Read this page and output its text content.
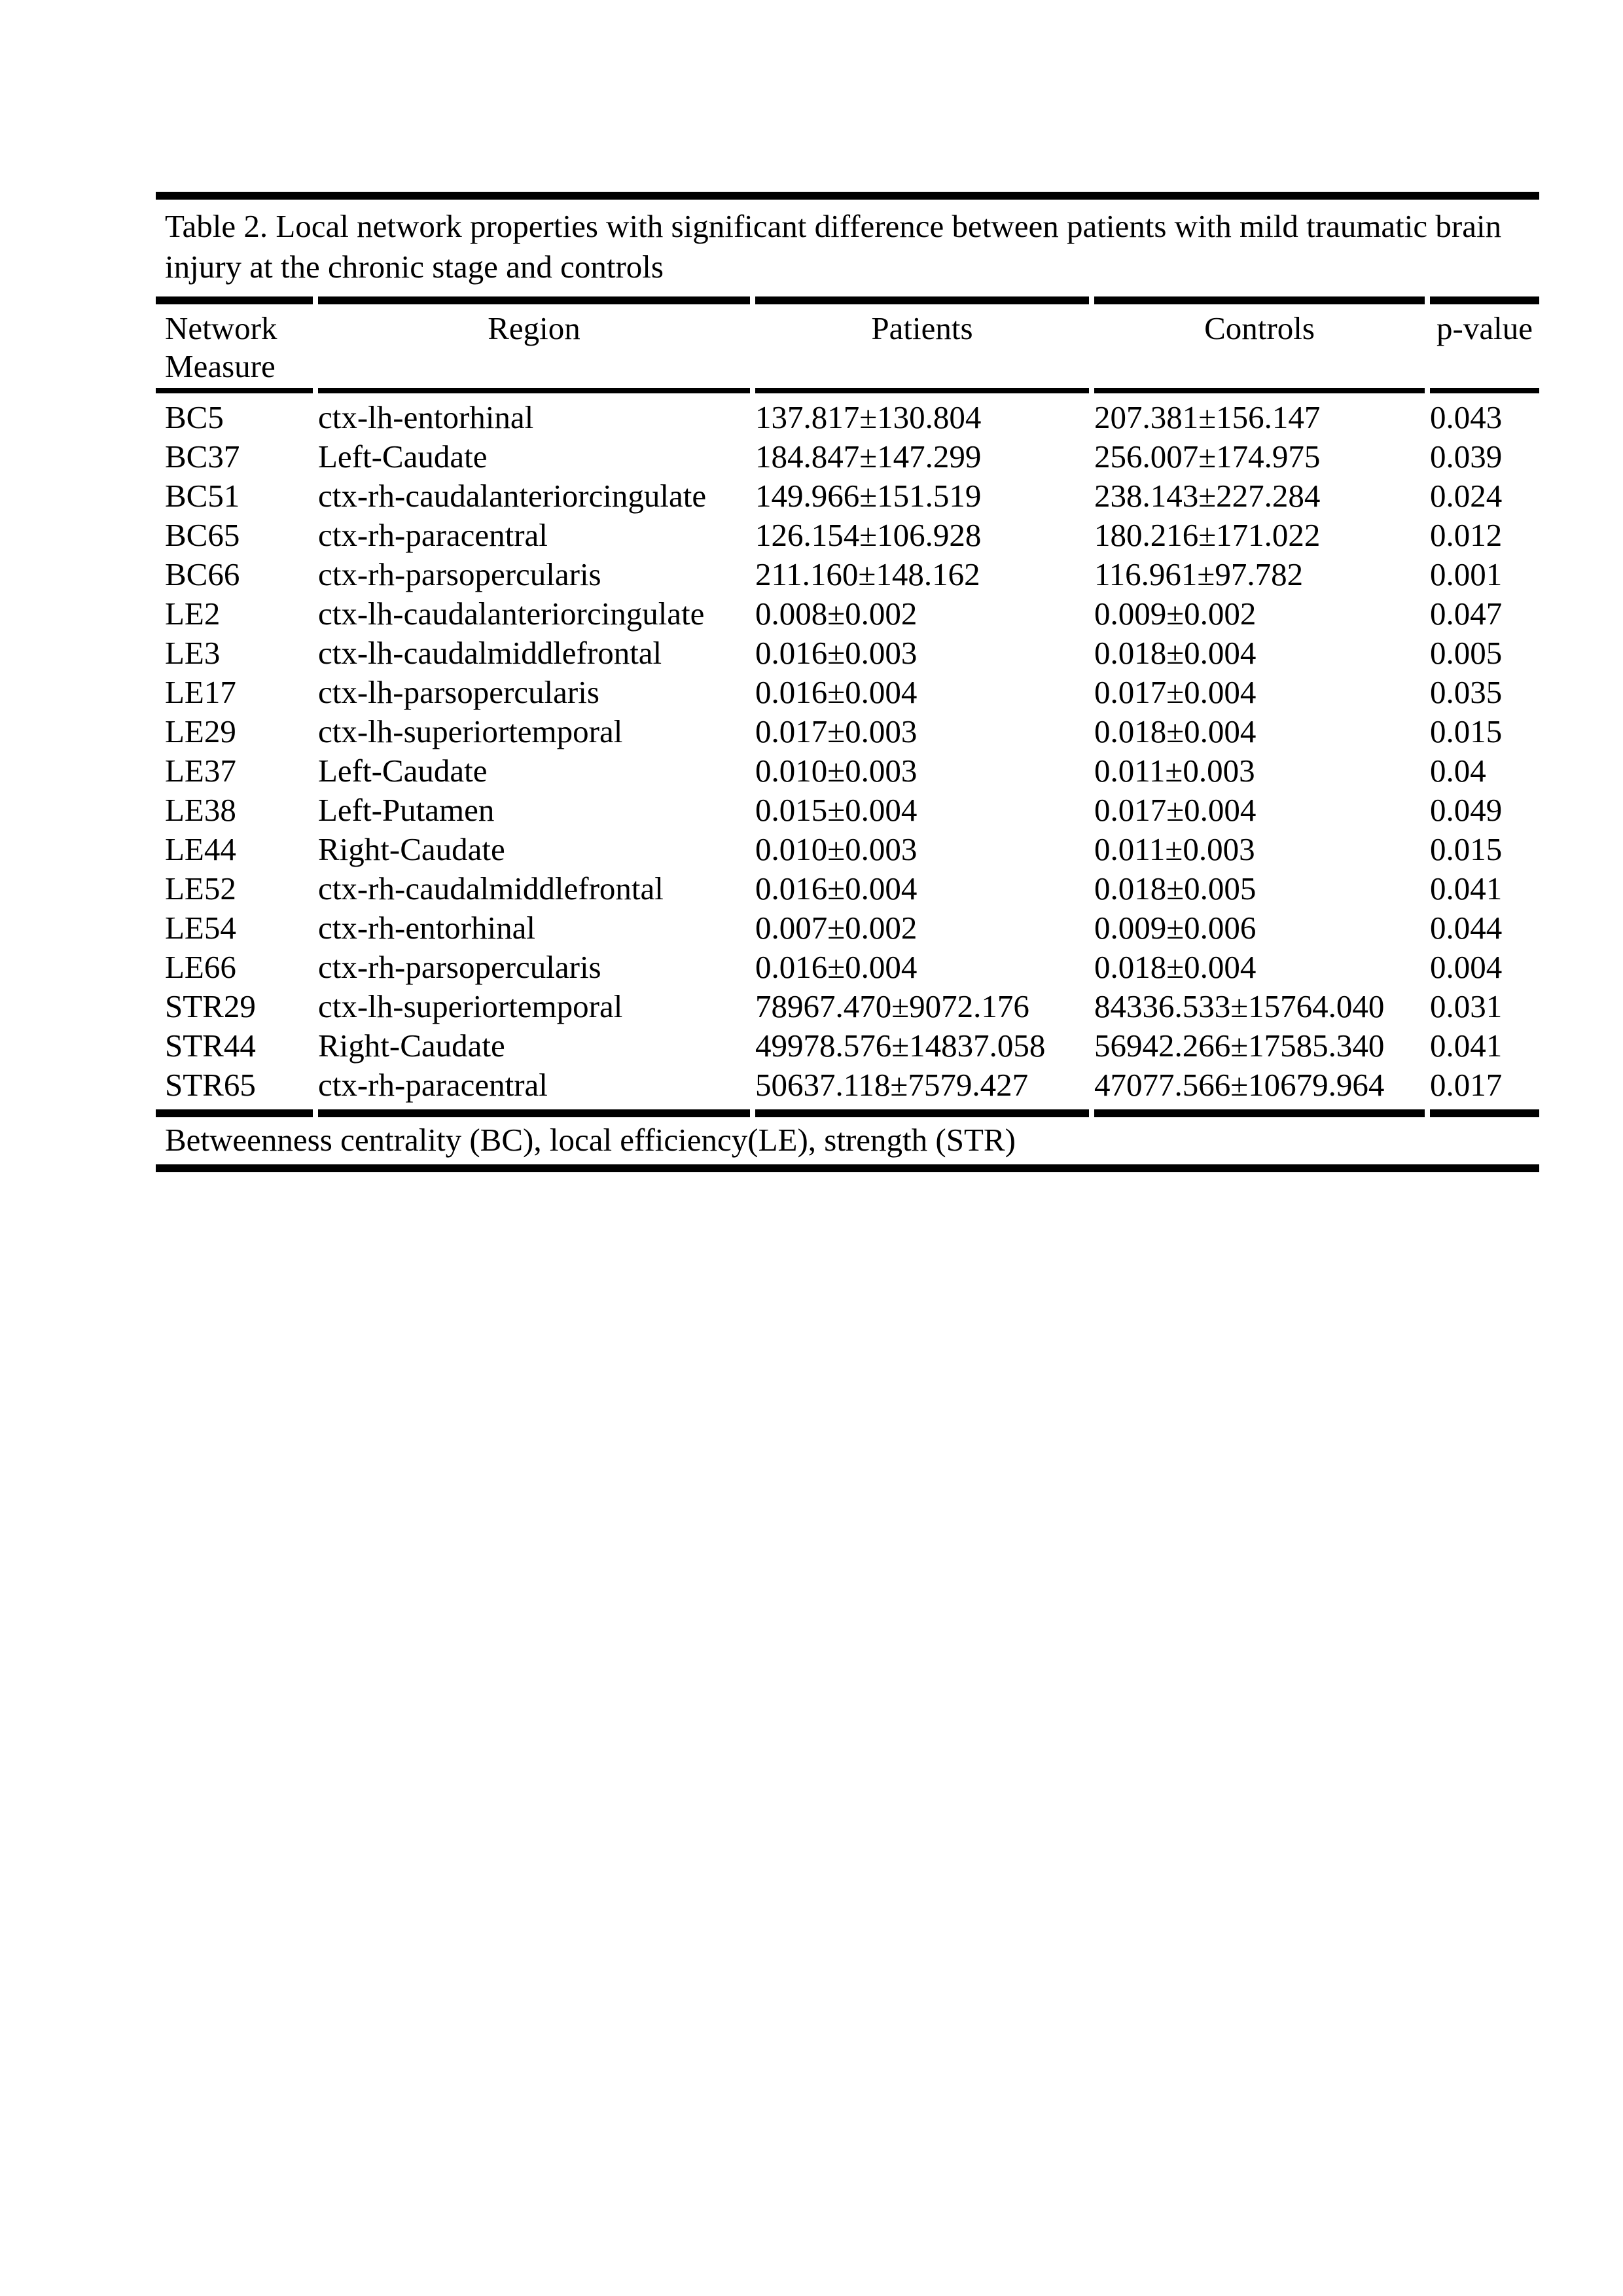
Table 2. Local network properties with significant difference between patients with mild traumatic brain
injury at the chronic stage and controls				

Network
Measure	Region	Patients	Controls	p-value
BC5	ctx-lh-entorhinal	137.817±130.804	207.381±156.147	0.043
BC37	Left-Caudate	184.847±147.299	256.007±174.975	0.039
BC51	ctx-rh-caudalanteriorcingulate	149.966±151.519	238.143±227.284	0.024
BC65	ctx-rh-paracentral	126.154±106.928	180.216±171.022	0.012
BC66	ctx-rh-parsopercularis	211.160±148.162	116.961±97.782	0.001
LE2	ctx-lh-caudalanteriorcingulate	0.008±0.002	0.009±0.002	0.047
LE3	ctx-lh-caudalmiddlefrontal	0.016±0.003	0.018±0.004	0.005
LE17	ctx-lh-parsopercularis	0.016±0.004	0.017±0.004	0.035
LE29	ctx-lh-superiortemporal	0.017±0.003	0.018±0.004	0.015
LE37	Left-Caudate	0.010±0.003	0.011±0.003	0.04
LE38	Left-Putamen	0.015±0.004	0.017±0.004	0.049
LE44	Right-Caudate	0.010±0.003	0.011±0.003	0.015
LE52	ctx-rh-caudalmiddlefrontal	0.016±0.004	0.018±0.005	0.041
LE54	ctx-rh-entorhinal	0.007±0.002	0.009±0.006	0.044
LE66	ctx-rh-parsopercularis	0.016±0.004	0.018±0.004	0.004
STR29	ctx-lh-superiortemporal	78967.470±9072.176	84336.533±15764.040	0.031
STR44	Right-Caudate	49978.576±14837.058	56942.266±17585.340	0.041
STR65	ctx-rh-paracentral	50637.118±7579.427	47077.566±10679.964	0.017
Betweenness centrality (BC), local efficiency(LE), strength (STR)				
